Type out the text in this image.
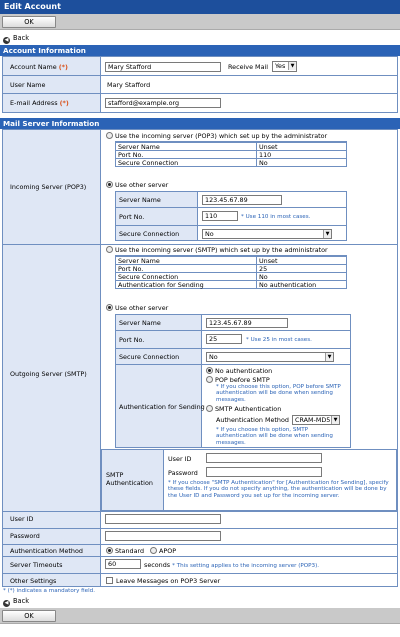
Edit Account
OK
◀ Back
Account Information
Account Name (*)	Mary Stafford	Receive Mail	Yes	▼
User Name	Mary Stafford
E-mail Address (*)	stafford@example.org
Mail Server Information
Incoming Server (POP3)
Use the incoming server (POP3) which set up by the administrator
Server Name	Unset
Port No.	110
Secure Connection	No
Use other server
Server Name	123.45.67.89
Port No.	110	* Use 110 in most cases.
Secure Connection	No	▼
Outgoing Server (SMTP)
Use the incoming server (SMTP) which set up by the administrator
Server Name	Unset
Port No.	25
Secure Connection	No
Authentication for Sending	No authentication
Use other server
Server Name	123.45.67.89
Port No.	25	* Use 25 in most cases.
Secure Connection	No	▼
Authentication for Sending
No authentication
POP before SMTP
* If you choose this option, POP before SMTP authentication will be done when sending messages.
SMTP Authentication
Authentication Method CRAM-MD5 ▼
* If you choose this option, SMTP authentication will be done when sending messages.
SMTP Authentication
User ID
Password
* If you choose "SMTP Authentication" for [Authentication for Sending], specify these fields. If you do not specify anything, the authentication will be done by the User ID and Password you set up for the incoming server.
User ID
Password
Authentication Method	Standard	APOP
Server Timeouts	60	seconds * This setting applies to the incoming server (POP3).
Other Settings	Leave Messages on POP3 Server
* (*) indicates a mandatory field.
◀ Back
OK
